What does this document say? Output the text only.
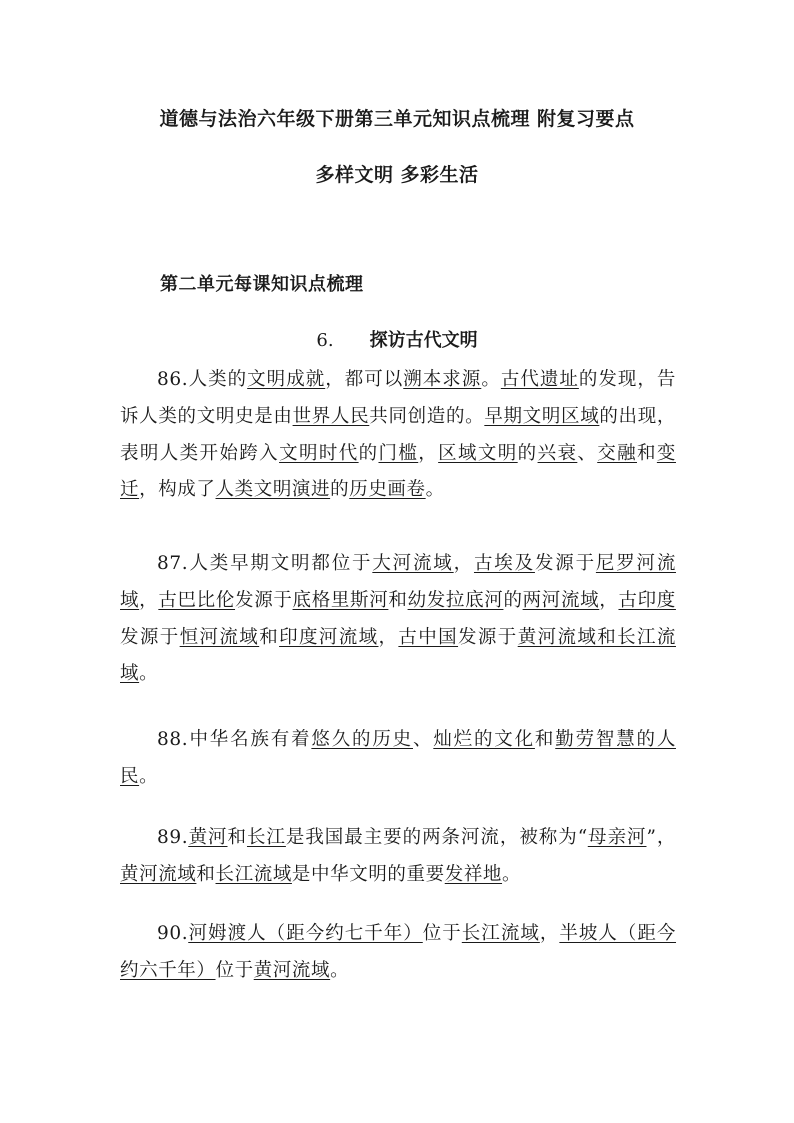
道德与法治六年级下册第三单元知识点梳理 附复习要点
多样文明 多彩生活
第二单元每课知识点梳理
6. 探访古代文明

86.人类的文明成就，都可以溯本求源。古代遗址的发现，告诉人类的文明史是由世界人民共同创造的。早期文明区域的出现，表明人类开始跨入文明时代的门槛，区域文明的兴衰、交融和变迁，构成了人类文明演进的历史画卷。

87.人类早期文明都位于大河流域，古埃及发源于尼罗河流域，古巴比伦发源于底格里斯河和幼发拉底河的两河流域，古印度发源于恒河流域和印度河流域，古中国发源于黄河流域和长江流域。

88.中华名族有着悠久的历史、灿烂的文化和勤劳智慧的人民。

89.黄河和长江是我国最主要的两条河流，被称为“母亲河”，黄河流域和长江流域是中华文明的重要发祥地。

90.河姆渡人（距今约七千年）位于长江流域，半坡人（距今约六千年）位于黄河流域。
